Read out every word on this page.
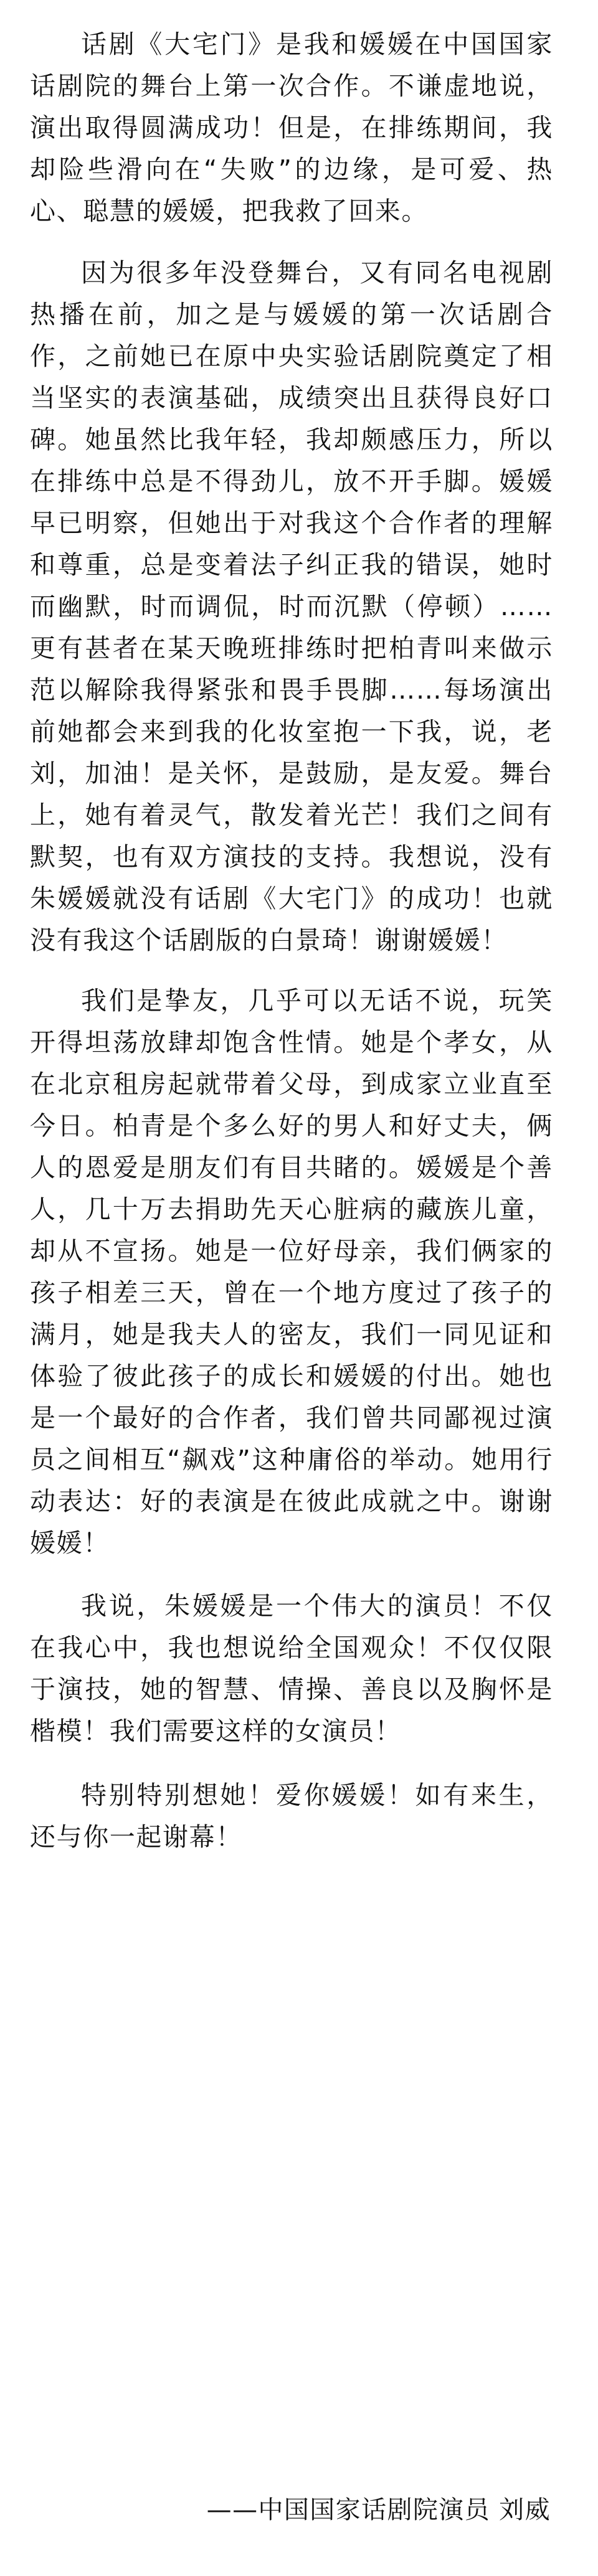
话剧《大宅门》是我和媛媛在中国国家话剧院的舞台上第一次合作。不谦虚地说，演出取得圆满成功！但是，在排练期间，我却险些滑向在“失败”的边缘，是可爱、热心、聪慧的媛媛，把我救了回来。

因为很多年没登舞台，又有同名电视剧热播在前，加之是与媛媛的第一次话剧合作，之前她已在原中央实验话剧院奠定了相当坚实的表演基础，成绩突出且获得良好口碑。她虽然比我年轻，我却颇感压力，所以在排练中总是不得劲儿，放不开手脚。媛媛早已明察，但她出于对我这个合作者的理解和尊重，总是变着法子纠正我的错误，她时而幽默，时而调侃，时而沉默（停顿）……更有甚者在某天晚班排练时把柏青叫来做示范以解除我得紧张和畏手畏脚……每场演出前她都会来到我的化妆室抱一下我，说，老刘，加油！是关怀，是鼓励，是友爱。舞台上，她有着灵气，散发着光芒！我们之间有默契，也有双方演技的支持。我想说，没有朱媛媛就没有话剧《大宅门》的成功！也就没有我这个话剧版的白景琦！谢谢媛媛！

我们是挚友，几乎可以无话不说，玩笑开得坦荡放肆却饱含性情。她是个孝女，从在北京租房起就带着父母，到成家立业直至今日。柏青是个多么好的男人和好丈夫，俩人的恩爱是朋友们有目共睹的。媛媛是个善人，几十万去捐助先天心脏病的藏族儿童，却从不宣扬。她是一位好母亲，我们俩家的孩子相差三天，曾在一个地方度过了孩子的满月，她是我夫人的密友，我们一同见证和体验了彼此孩子的成长和媛媛的付出。她也是一个最好的合作者，我们曾共同鄙视过演员之间相互“飙戏”这种庸俗的举动。她用行动表达：好的表演是在彼此成就之中。谢谢媛媛！

我说，朱媛媛是一个伟大的演员！不仅在我心中，我也想说给全国观众！不仅仅限于演技，她的智慧、情操、善良以及胸怀是楷模！我们需要这样的女演员！

特别特别想她！爱你媛媛！如有来生，还与你一起谢幕！

——中国国家话剧院演员 刘威
